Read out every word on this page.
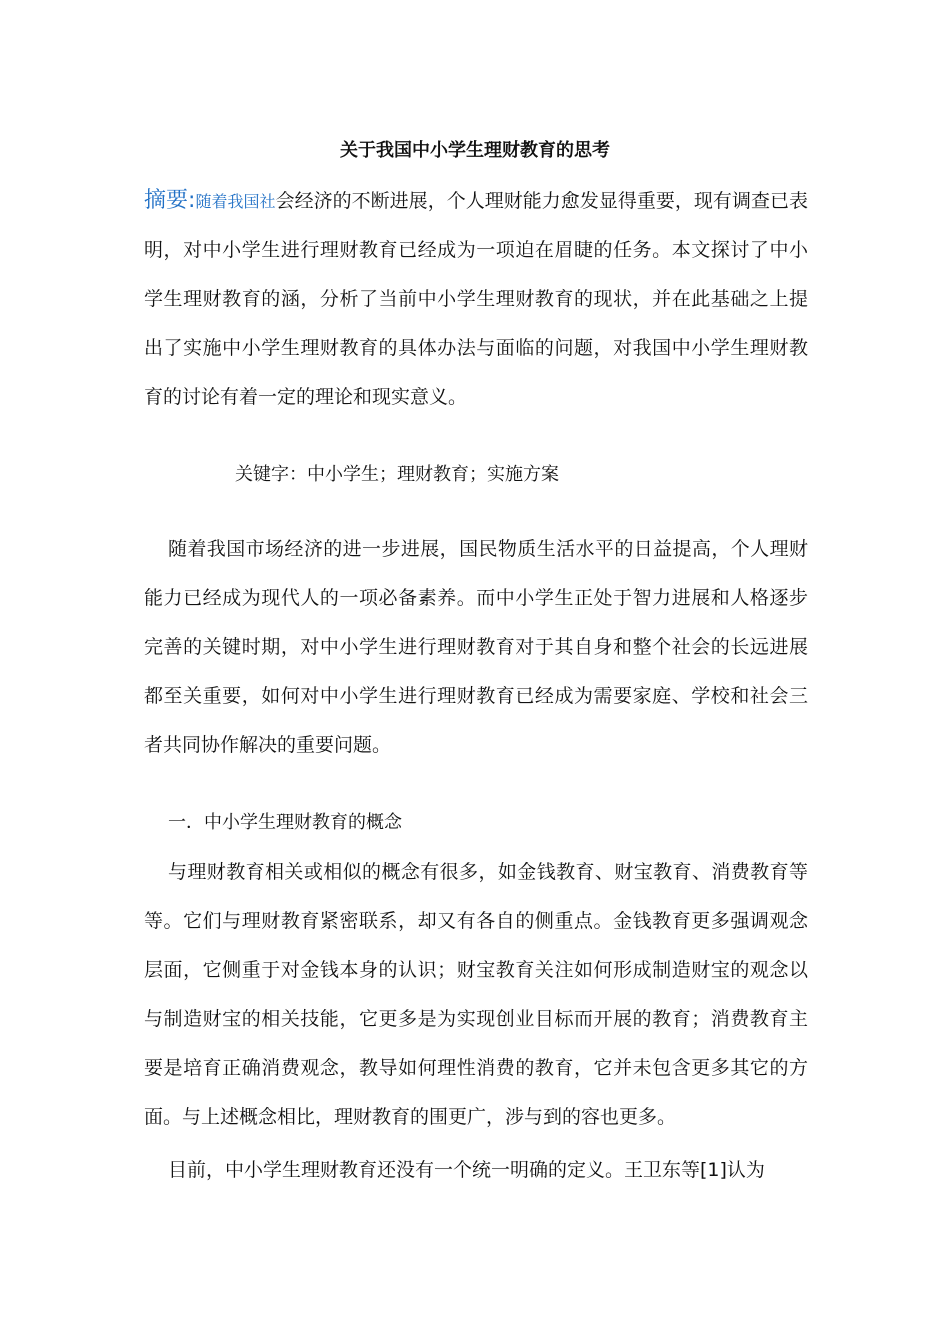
关于我国中小学生理财教育的思考

摘要:随着我国社会经济的不断进展，个人理财能力愈发显得重要，现有调查已表明，对中小学生进行理财教育已经成为一项迫在眉睫的任务。本文探讨了中小学生理财教育的涵，分析了当前中小学生理财教育的现状，并在此基础之上提出了实施中小学生理财教育的具体办法与面临的问题，对我国中小学生理财教育的讨论有着一定的理论和现实意义。

关键字：中小学生；理财教育；实施方案

随着我国市场经济的进一步进展，国民物质生活水平的日益提高，个人理财能力已经成为现代人的一项必备素养。而中小学生正处于智力进展和人格逐步完善的关键时期，对中小学生进行理财教育对于其自身和整个社会的长远进展都至关重要，如何对中小学生进行理财教育已经成为需要家庭、学校和社会三者共同协作解决的重要问题。

一．中小学生理财教育的概念

与理财教育相关或相似的概念有很多，如金钱教育、财宝教育、消费教育等等。它们与理财教育紧密联系，却又有各自的侧重点。金钱教育更多强调观念层面，它侧重于对金钱本身的认识；财宝教育关注如何形成制造财宝的观念以与制造财宝的相关技能，它更多是为实现创业目标而开展的教育；消费教育主要是培育正确消费观念，教导如何理性消费的教育，它并未包含更多其它的方面。与上述概念相比，理财教育的围更广，涉与到的容也更多。

目前，中小学生理财教育还没有一个统一明确的定义。王卫东等[1]认为
